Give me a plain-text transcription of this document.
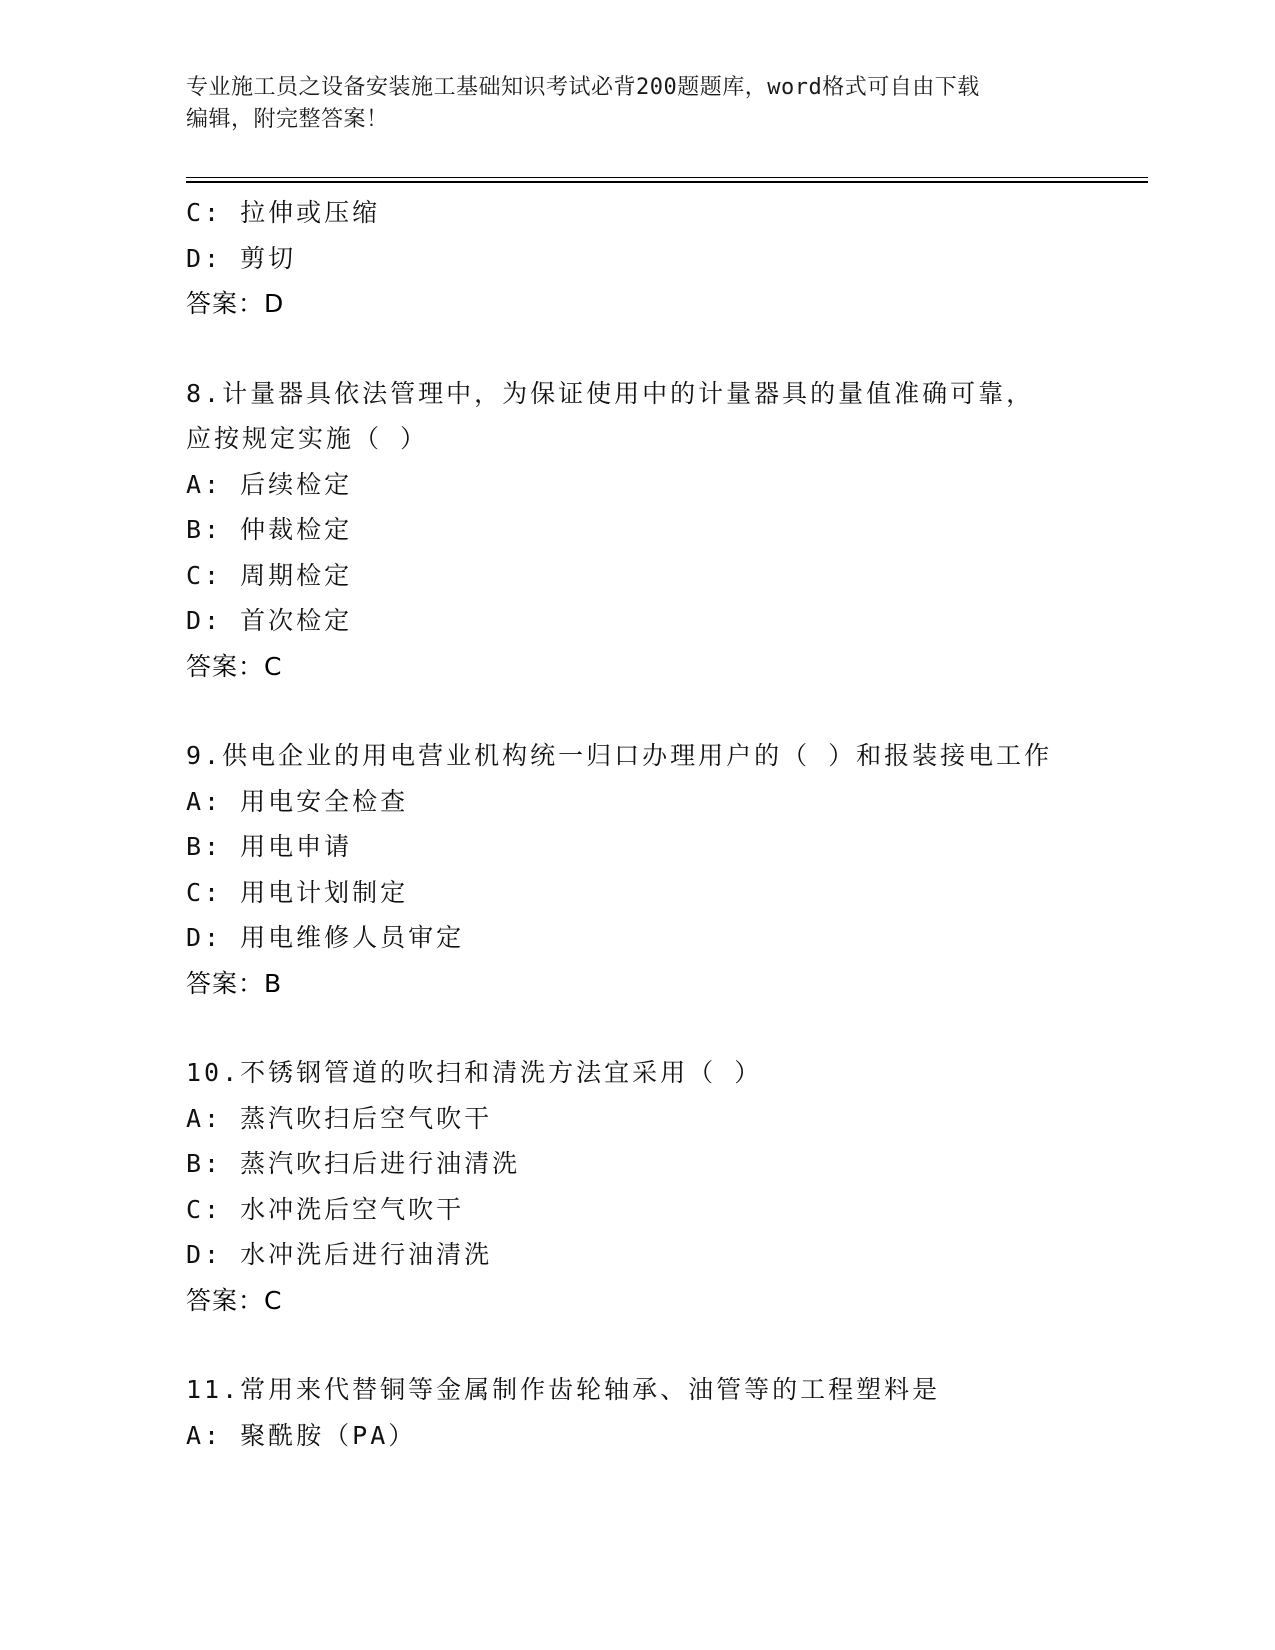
专业施工员之设备安装施工基础知识考试必背200题题库，word格式可自由下载
编辑，附完整答案！
C: 拉伸或压缩
D: 剪切
答案：D
8.计量器具依法管理中，为保证使用中的计量器具的量值准确可靠，
应按规定实施（ ）
A: 后续检定
B: 仲裁检定
C: 周期检定
D: 首次检定
答案：C
9.供电企业的用电营业机构统一归口办理用户的（ ）和报装接电工作
A: 用电安全检查
B: 用电申请
C: 用电计划制定
D: 用电维修人员审定
答案：B
10.不锈钢管道的吹扫和清洗方法宜采用（ ）
A: 蒸汽吹扫后空气吹干
B: 蒸汽吹扫后进行油清洗
C: 水冲洗后空气吹干
D: 水冲洗后进行油清洗
答案：C
11.常用来代替铜等金属制作齿轮轴承、油管等的工程塑料是
A: 聚酰胺（PA）
